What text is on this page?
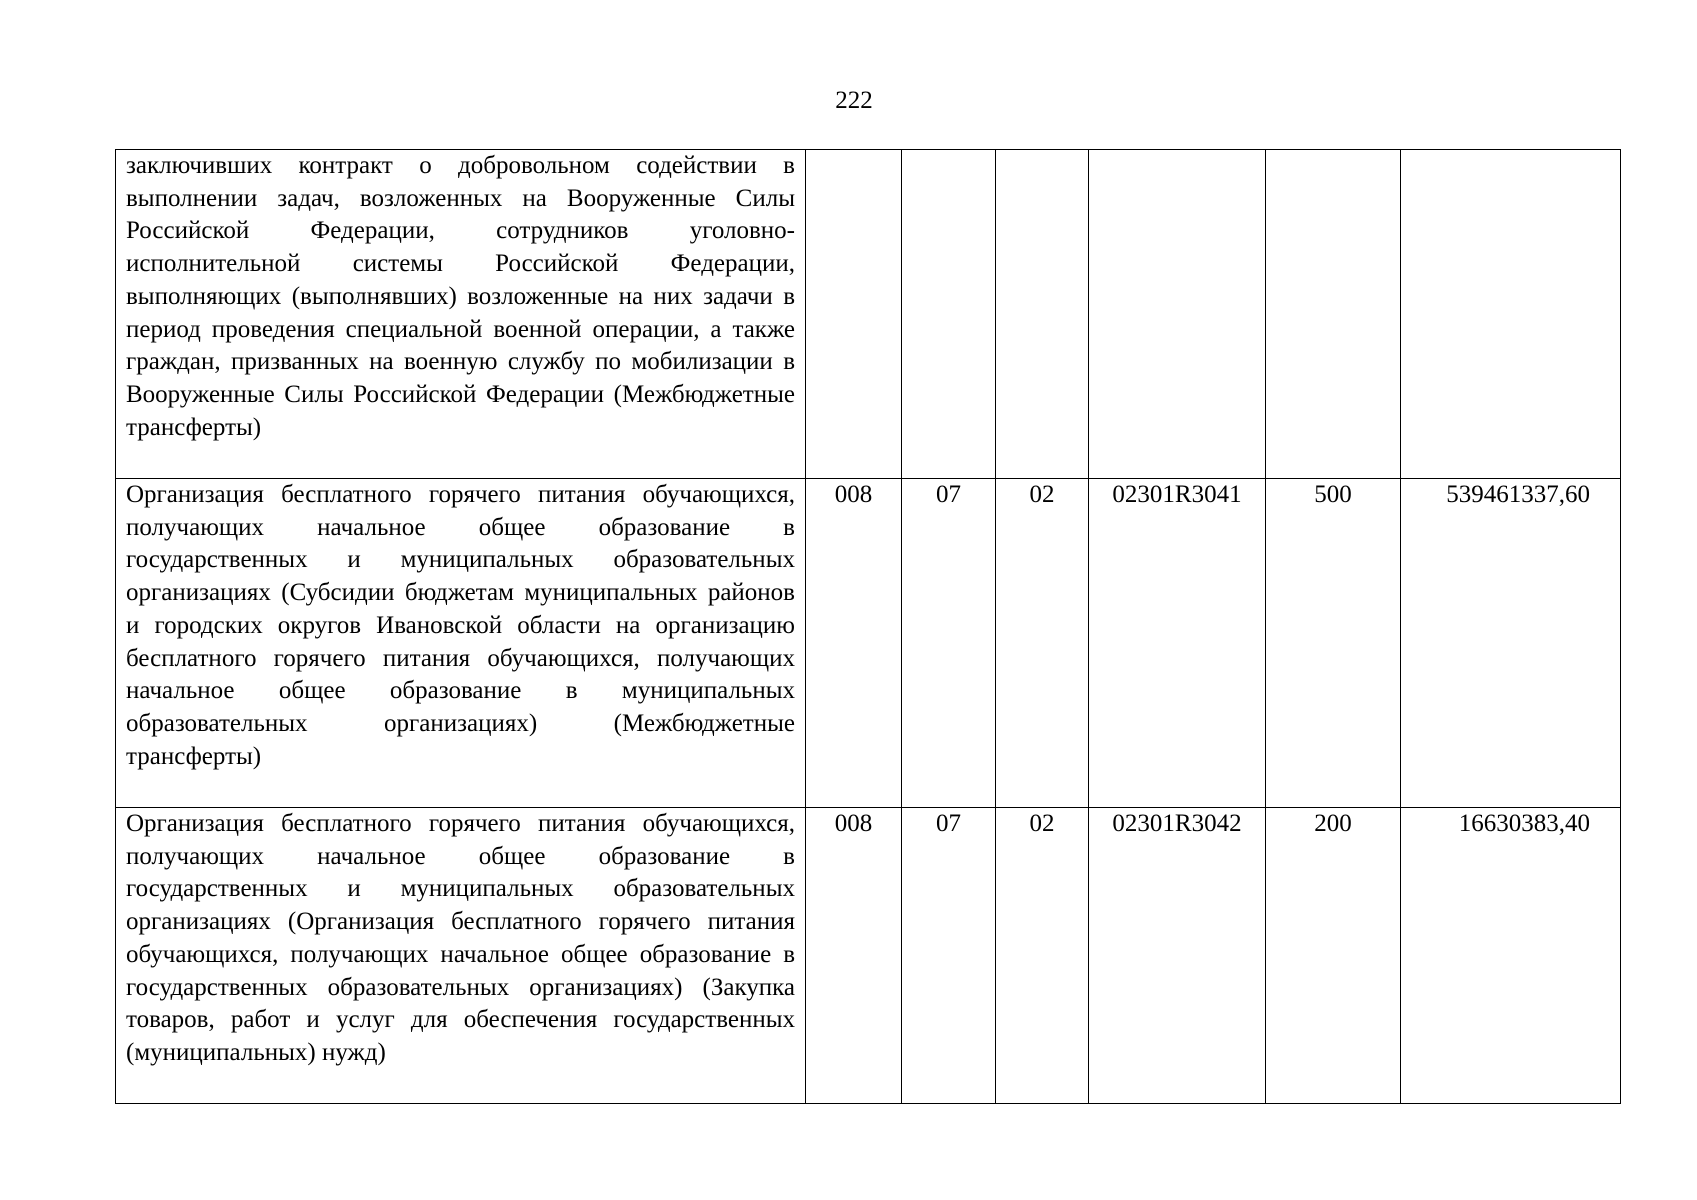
222
заключивших контракт о добровольном содействии в выполнении задач, возложенных на Вооруженные Силы Российской Федерации, сотрудников уголовно-исполнительной системы Российской Федерации, выполняющих (выполнявших) возложенные на них задачи в период проведения специальной военной операции, а также граждан, призванных на военную службу по мобилизации в Вооруженные Силы Российской Федерации (Межбюджетные трансферты)						
Организация бесплатного горячего питания обучающихся, получающих начальное общее образование в государственных и муниципальных образовательных организациях (Субсидии бюджетам муниципальных районов и городских округов Ивановской области на организацию бесплатного горячего питания обучающихся, получающих начальное общее образование в муниципальных образовательных организациях) (Межбюджетные трансферты)	008	07	02	02301R3041	500	539461337,60
Организация бесплатного горячего питания обучающихся, получающих начальное общее образование в государственных и муниципальных образовательных организациях (Организация бесплатного горячего питания обучающихся, получающих начальное общее образование в государственных образовательных организациях) (Закупка товаров, работ и услуг для обеспечения государственных (муниципальных) нужд)	008	07	02	02301R3042	200	16630383,40
